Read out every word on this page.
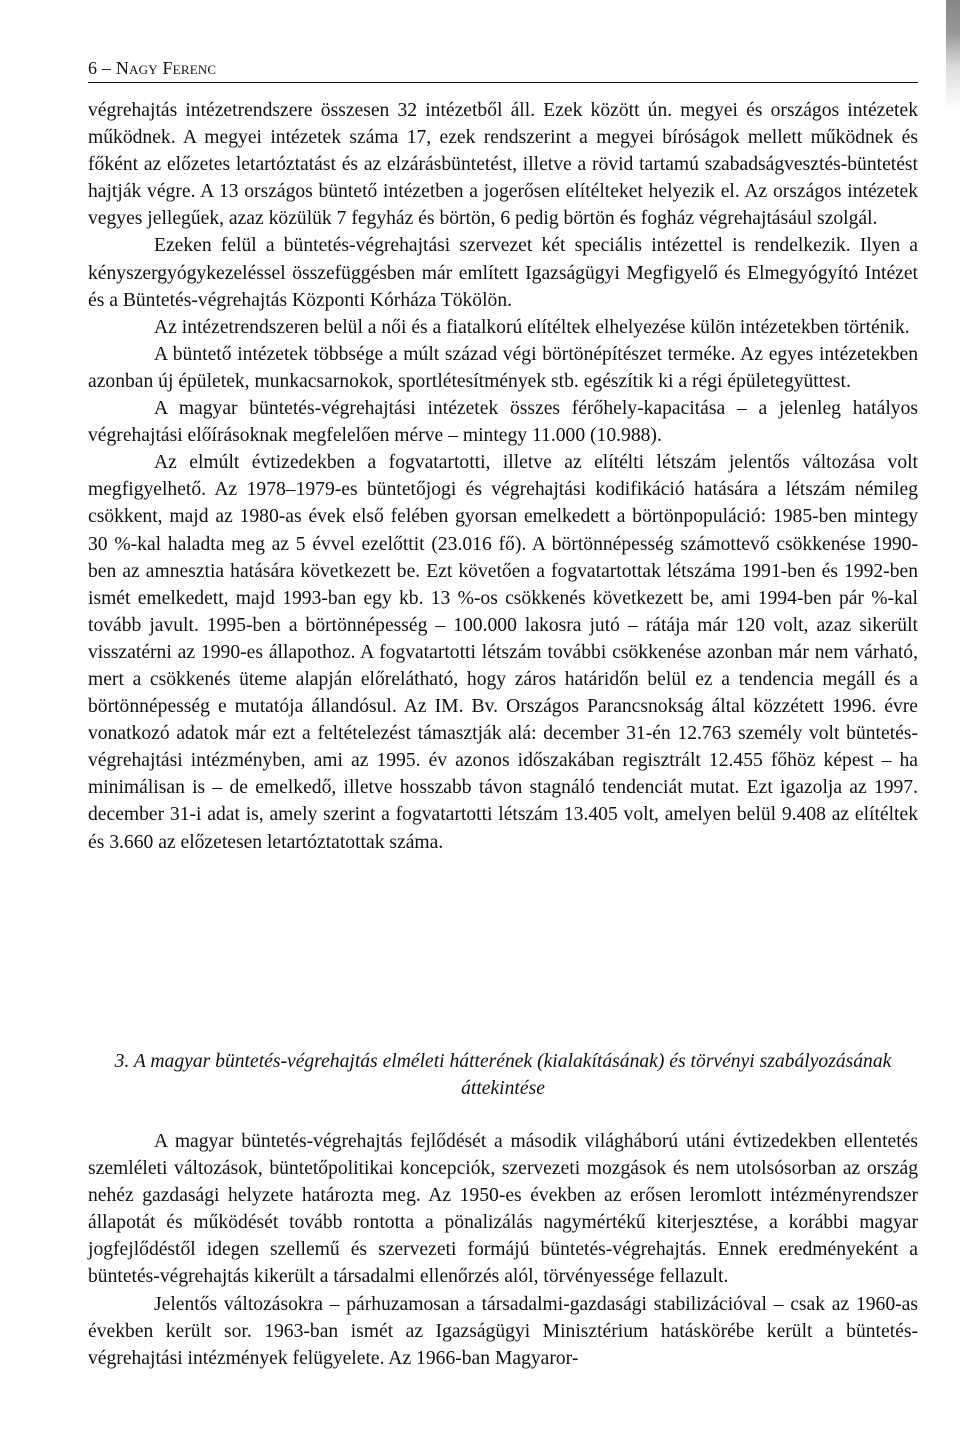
6 – Nagy Ferenc

végrehajtás intézetrendszere összesen 32 intézetből áll. Ezek között ún. megyei és országos intézetek működnek. A megyei intézetek száma 17, ezek rendszerint a megyei bíróságok mellett működnek és főként az előzetes letartóztatást és az elzárásbüntetést, illetve a rövid tartamú szabadságvesztés-büntetést hajtják végre. A 13 országos büntető intézetben a jogerősen elítélteket helyezik el. Az országos intézetek vegyes jellegűek, azaz közülük 7 fegyház és börtön, 6 pedig börtön és fogház végrehajtásául szolgál.

Ezeken felül a büntetés-végrehajtási szervezet két speciális intézettel is rendelkezik. Ilyen a kényszergyógykezeléssel összefüggésben már említett Igazságügyi Megfigyelő és Elmegyógyító Intézet és a Büntetés-végrehajtás Központi Kórháza Tökölön.

Az intézetrendszeren belül a női és a fiatalkorú elítéltek elhelyezése külön intézetekben történik.

A büntető intézetek többsége a múlt század végi börtönépítészet terméke. Az egyes intézetekben azonban új épületek, munkacsarnokok, sportlétesítmények stb. egészítik ki a régi épületegyüttest.

A magyar büntetés-végrehajtási intézetek összes férőhely-kapacitása – a jelenleg hatályos végrehajtási előírásoknak megfelelően mérve – mintegy 11.000 (10.988).

Az elmúlt évtizedekben a fogvatartotti, illetve az elítélti létszám jelentős változása volt megfigyelhető. Az 1978–1979-es büntetőjogi és végrehajtási kodifikáció hatására a létszám némileg csökkent, majd az 1980-as évek első felében gyorsan emelkedett a börtönpopuláció: 1985-ben mintegy 30 %-kal haladta meg az 5 évvel ezelőttit (23.016 fő). A börtönnépesség számottevő csökkenése 1990-ben az amnesztia hatására következett be. Ezt követően a fogvatartottak létszáma 1991-ben és 1992-ben ismét emelkedett, majd 1993-ban egy kb. 13 %-os csökkenés következett be, ami 1994-ben pár %-kal tovább javult. 1995-ben a börtönnépesség – 100.000 lakosra jutó – rátája már 120 volt, azaz sikerült visszatérni az 1990-es állapothoz. A fogvatartotti létszám további csökkenése azonban már nem várható, mert a csökkenés üteme alapján előrelátható, hogy záros határidőn belül ez a tendencia megáll és a börtönnépesség e mutatója állandósul. Az IM. Bv. Országos Parancsnokság által közzétett 1996. évre vonatkozó adatok már ezt a feltételezést támasztják alá: december 31-én 12.763 személy volt büntetés-végrehajtási intézményben, ami az 1995. év azonos időszakában regisztrált 12.455 főhöz képest – ha minimálisan is – de emelkedő, illetve hosszabb távon stagnáló tendenciát mutat. Ezt igazolja az 1997. december 31-i adat is, amely szerint a fogvatartotti létszám 13.405 volt, amelyen belül 9.408 az elítéltek és 3.660 az előzetesen letartóztatottak száma.

3. A magyar büntetés-végrehajtás elméleti hátterének (kialakításának) és törvényi szabályozásának áttekintése

A magyar büntetés-végrehajtás fejlődését a második világháború utáni évtizedekben ellentetés szemléleti változások, büntetőpolitikai koncepciók, szervezeti mozgások és nem utolsósorban az ország nehéz gazdasági helyzete határozta meg. Az 1950-es években az erősen leromlott intézményrendszer állapotát és működését tovább rontotta a pönalizálás nagymértékű kiterjesztése, a korábbi magyar jogfejlődéstől idegen szellemű és szervezeti formájú büntetés-végrehajtás. Ennek eredményeként a büntetés-végrehajtás kikerült a társadalmi ellenőrzés alól, törvényessége fellazult.

Jelentős változásokra – párhuzamosan a társadalmi-gazdasági stabilizációval – csak az 1960-as években került sor. 1963-ban ismét az Igazságügyi Minisztérium hatáskörébe került a büntetés-végrehajtási intézmények felügyelete. Az 1966-ban Magyaror-
